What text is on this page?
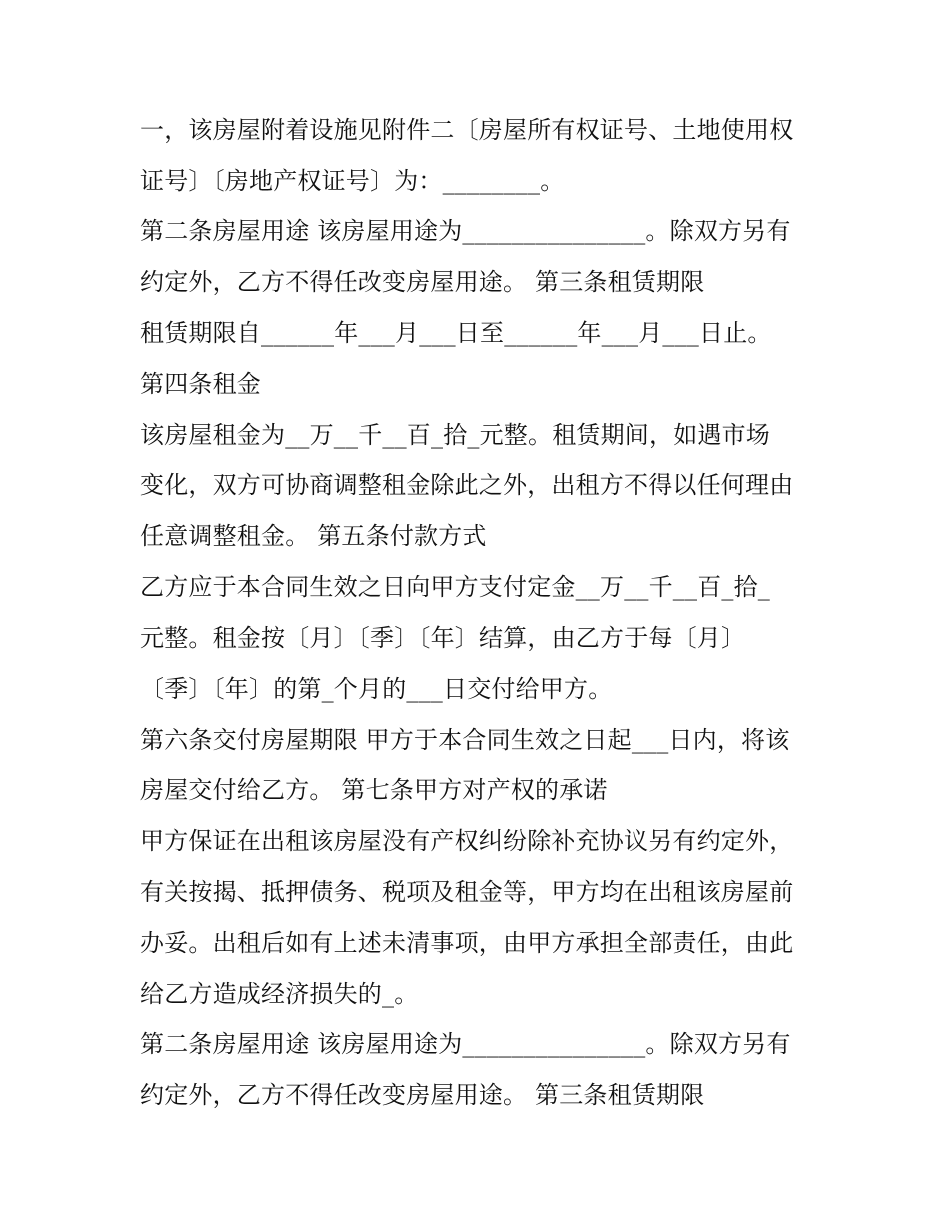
一，该房屋附着设施见附件二〔房屋所有权证号、土地使用权

证号〕〔房地产权证号〕为：________。

第二条房屋用途 该房屋用途为_______________。除双方另有

约定外，乙方不得任改变房屋用途。 第三条租赁期限

租赁期限自______年___月___日至______年___月___日止。

第四条租金

该房屋租金为__万__千__百_拾_元整。租赁期间，如遇市场

变化，双方可协商调整租金除此之外，出租方不得以任何理由

任意调整租金。 第五条付款方式

乙方应于本合同生效之日向甲方支付定金__万__千__百_拾_

元整。租金按〔月〕〔季〕〔年〕结算，由乙方于每〔月〕

〔季〕〔年〕的第_个月的___日交付给甲方。

第六条交付房屋期限 甲方于本合同生效之日起___日内，将该

房屋交付给乙方。 第七条甲方对产权的承诺

甲方保证在出租该房屋没有产权纠纷除补充协议另有约定外，

有关按揭、抵押债务、税项及租金等，甲方均在出租该房屋前

办妥。出租后如有上述未清事项，由甲方承担全部责任，由此

给乙方造成经济损失的_。

第二条房屋用途 该房屋用途为_______________。除双方另有

约定外，乙方不得任改变房屋用途。 第三条租赁期限
